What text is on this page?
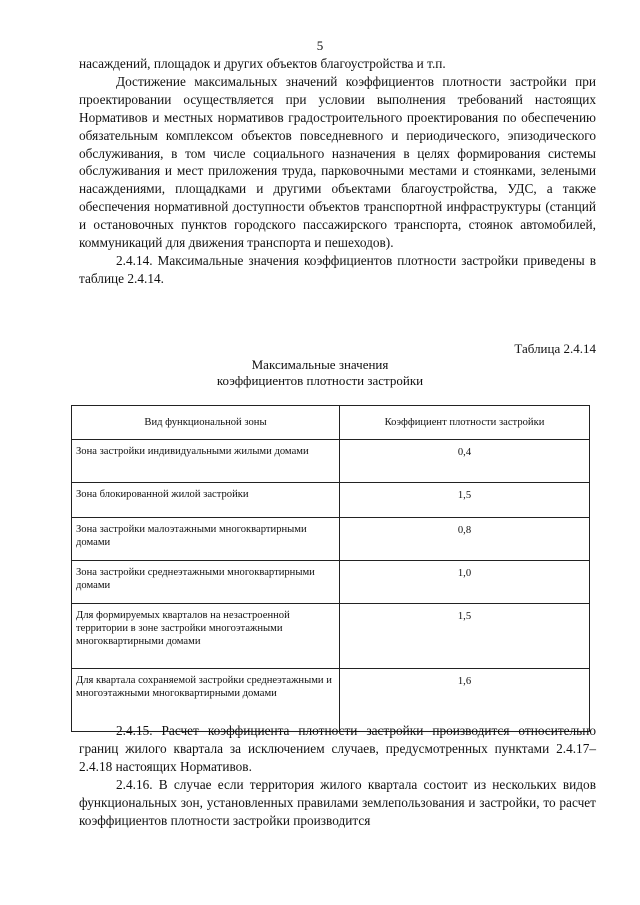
5

насаждений, площадок и других объектов благоустройства и т.п.

Достижение максимальных значений коэффициентов плотности застройки при проектировании осуществляется при условии выполнения требований настоящих Нормативов и местных нормативов градостроительного проектирования по обеспечению обязательным комплексом объектов повседневного и периодического, эпизодического обслуживания, в том числе социального назначения в целях формирования системы обслуживания и мест приложения труда, парковочными местами и стоянками, зелеными насаждениями, площадками и другими объектами благоустройства, УДС, а также обеспечения нормативной доступности объектов транспортной инфраструктуры (станций и остановочных пунктов городского пассажирского транспорта, стоянок автомобилей, коммуникаций для движения транспорта и пешеходов).

2.4.14. Максимальные значения коэффициентов плотности застройки приведены в таблице 2.4.14.

Таблица 2.4.14
Максимальные значения
коэффициентов плотности застройки
Вид функциональной зоны	Коэффициент плотности застройки
Зона застройки индивидуальными жилыми домами	0,4
Зона блокированной жилой застройки	1,5
Зона застройки малоэтажными многоквартирными домами	0,8
Зона застройки среднеэтажными многоквартирными домами	1,0
Для формируемых кварталов на незастроенной территории в зоне застройки многоэтажными многоквартирными домами	1,5
Для квартала сохраняемой застройки среднеэтажными и многоэтажными многоквартирными домами	1,6

2.4.15. Расчет коэффициента плотности застройки производится относительно границ жилого квартала за исключением случаев, предусмотренных пунктами 2.4.17–2.4.18 настоящих Нормативов.

2.4.16. В случае если территория жилого квартала состоит из нескольких видов функциональных зон, установленных правилами землепользования и застройки, то расчет коэффициентов плотности застройки производится
